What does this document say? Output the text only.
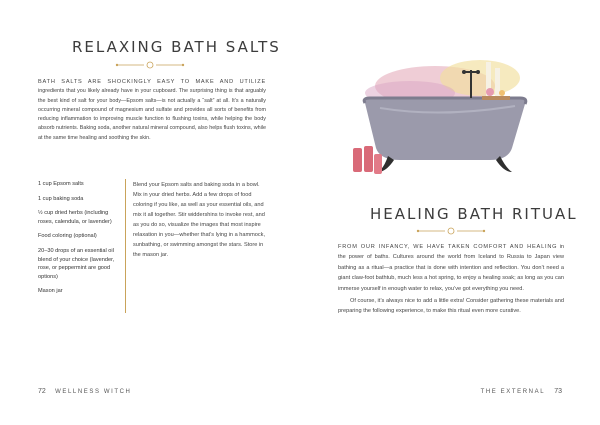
RELAXING BATH SALTS
BATH SALTS ARE SHOCKINGLY EASY TO MAKE AND UTILIZE ingredients that you likely already have in your cupboard. The surprising thing is that arguably the best kind of salt for your body—Epsom salts—is not actually a “salt” at all. It’s a naturally occurring mineral compound of magnesium and sulfate and provides all sorts of benefits from reducing inflammation to improving muscle function to flushing toxins, while helping the body absorb nutrients. Baking soda, another natural mineral compound, also helps flush toxins, while at the same time healing and soothing the skin.

1 cup Epsom salts

1 cup baking soda

½ cup dried herbs (including roses, calendula, or lavender)

Food coloring (optional)

20–30 drops of an essential oil blend of your choice (lavender, rose, or peppermint are good options)

Mason jar

Blend your Epsom salts and baking soda in a bowl. Mix in your dried herbs. Add a few drops of food coloring if you like, as well as your essential oils, and mix it all together. Stir widdershins to invoke rest, and as you do so, visualize the images that most inspire relaxation in you—whether that’s lying in a hammock, sunbathing, or swimming amongst the stars. Store in the mason jar.
72 WELLNESS WITCH
HEALING BATH RITUAL

FROM OUR INFANCY, WE HAVE TAKEN COMFORT AND HEALING in the power of baths. Cultures around the world from Iceland to Russia to Japan view bathing as a ritual—a practice that is done with intention and reflection. You don’t need a giant claw-foot bathtub, much less a hot spring, to enjoy a healing soak; as long as you can immerse yourself in enough water to relax, you’ve got everything you need.

Of course, it’s always nice to add a little extra! Consider gathering these materials and preparing the following experience, to make this ritual even more curative.

THE EXTERNAL 73
